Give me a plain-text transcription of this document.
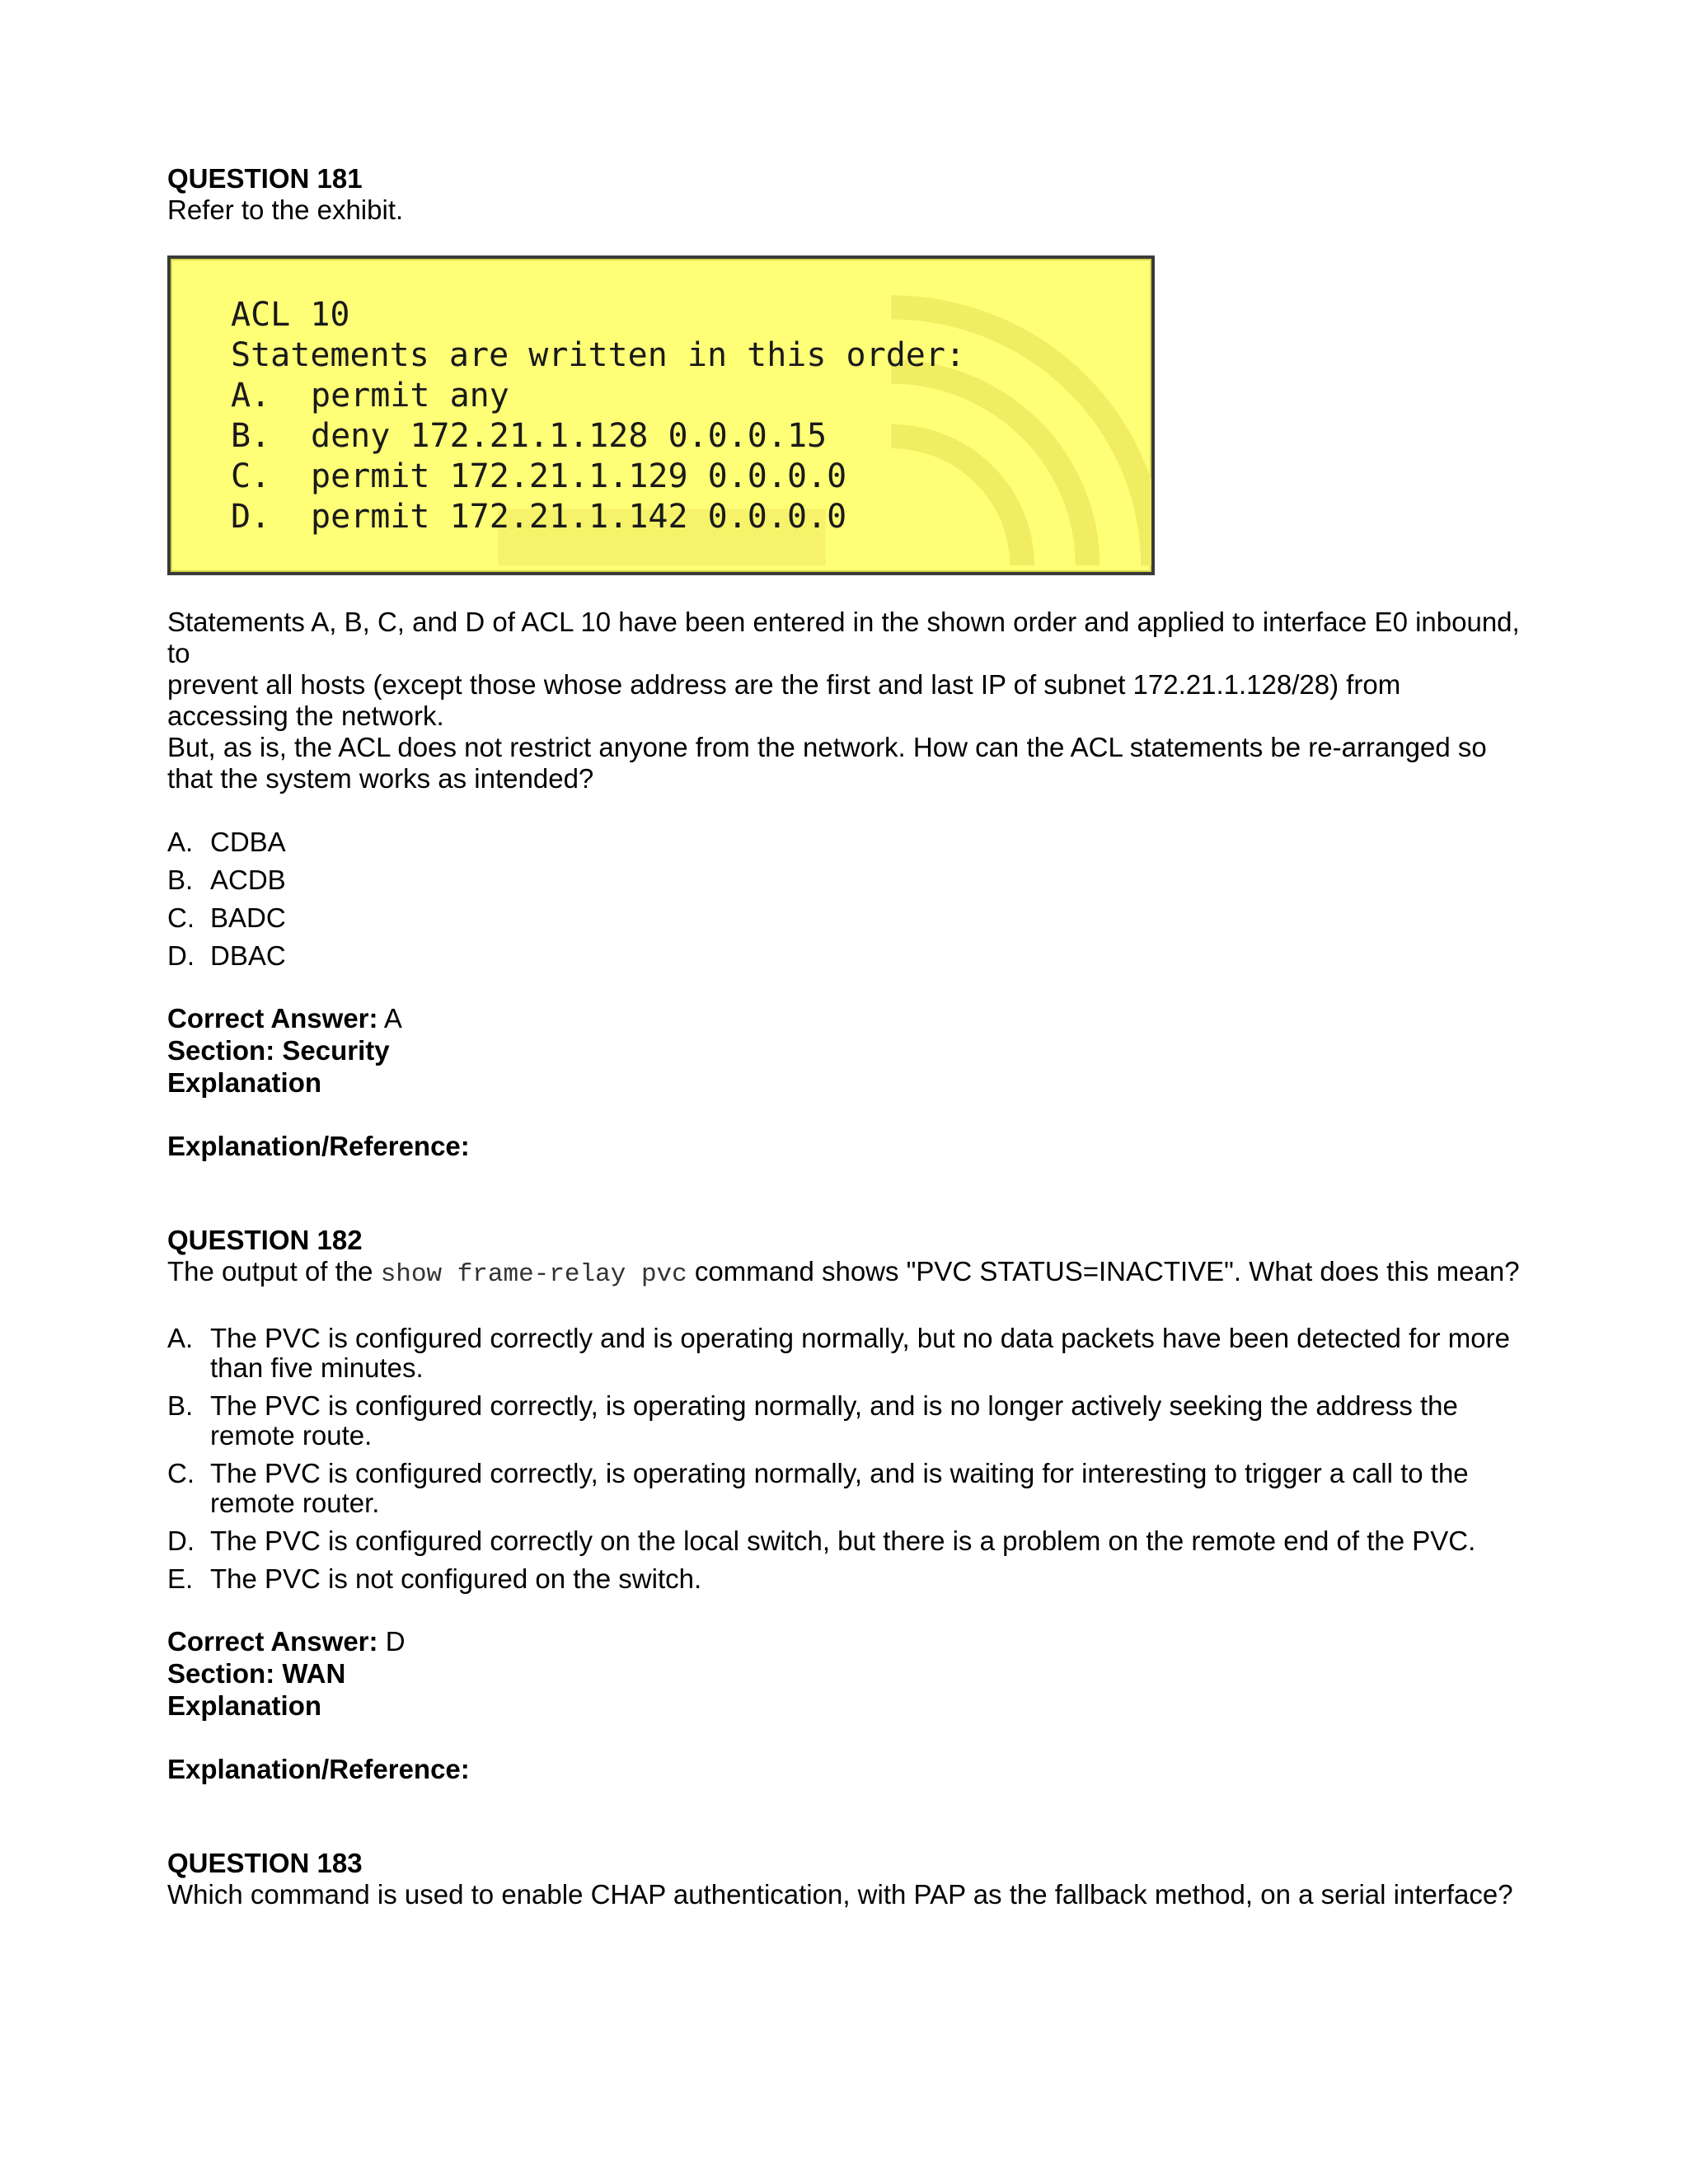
QUESTION 181
Refer to the exhibit.
ACL 10
Statements are written in this order:
A. permit any
B. deny 172.21.1.128 0.0.0.15
C. permit 172.21.1.129 0.0.0.0
D. permit 172.21.1.142 0.0.0.0
Statements A, B, C, and D of ACL 10 have been entered in the shown order and applied to interface E0 inbound, to
prevent all hosts (except those whose address are the first and last IP of subnet 172.21.1.128/28) from accessing the network.
But, as is, the ACL does not restrict anyone from the network. How can the ACL statements be re-arranged so that the system works as intended?
A. CDBA
B. ACDB
C. BADC
D. DBAC
Correct Answer: A
Section: Security
Explanation
Explanation/Reference:
QUESTION 182
The output of the show frame-relay pvc command shows "PVC STATUS=INACTIVE". What does this mean?
A. The PVC is configured correctly and is operating normally, but no data packets have been detected for more than five minutes.
B. The PVC is configured correctly, is operating normally, and is no longer actively seeking the address the remote route.
C. The PVC is configured correctly, is operating normally, and is waiting for interesting to trigger a call to the remote router.
D. The PVC is configured correctly on the local switch, but there is a problem on the remote end of the PVC.
E. The PVC is not configured on the switch.
Correct Answer: D
Section: WAN
Explanation
Explanation/Reference:
QUESTION 183
Which command is used to enable CHAP authentication, with PAP as the fallback method, on a serial interface?
